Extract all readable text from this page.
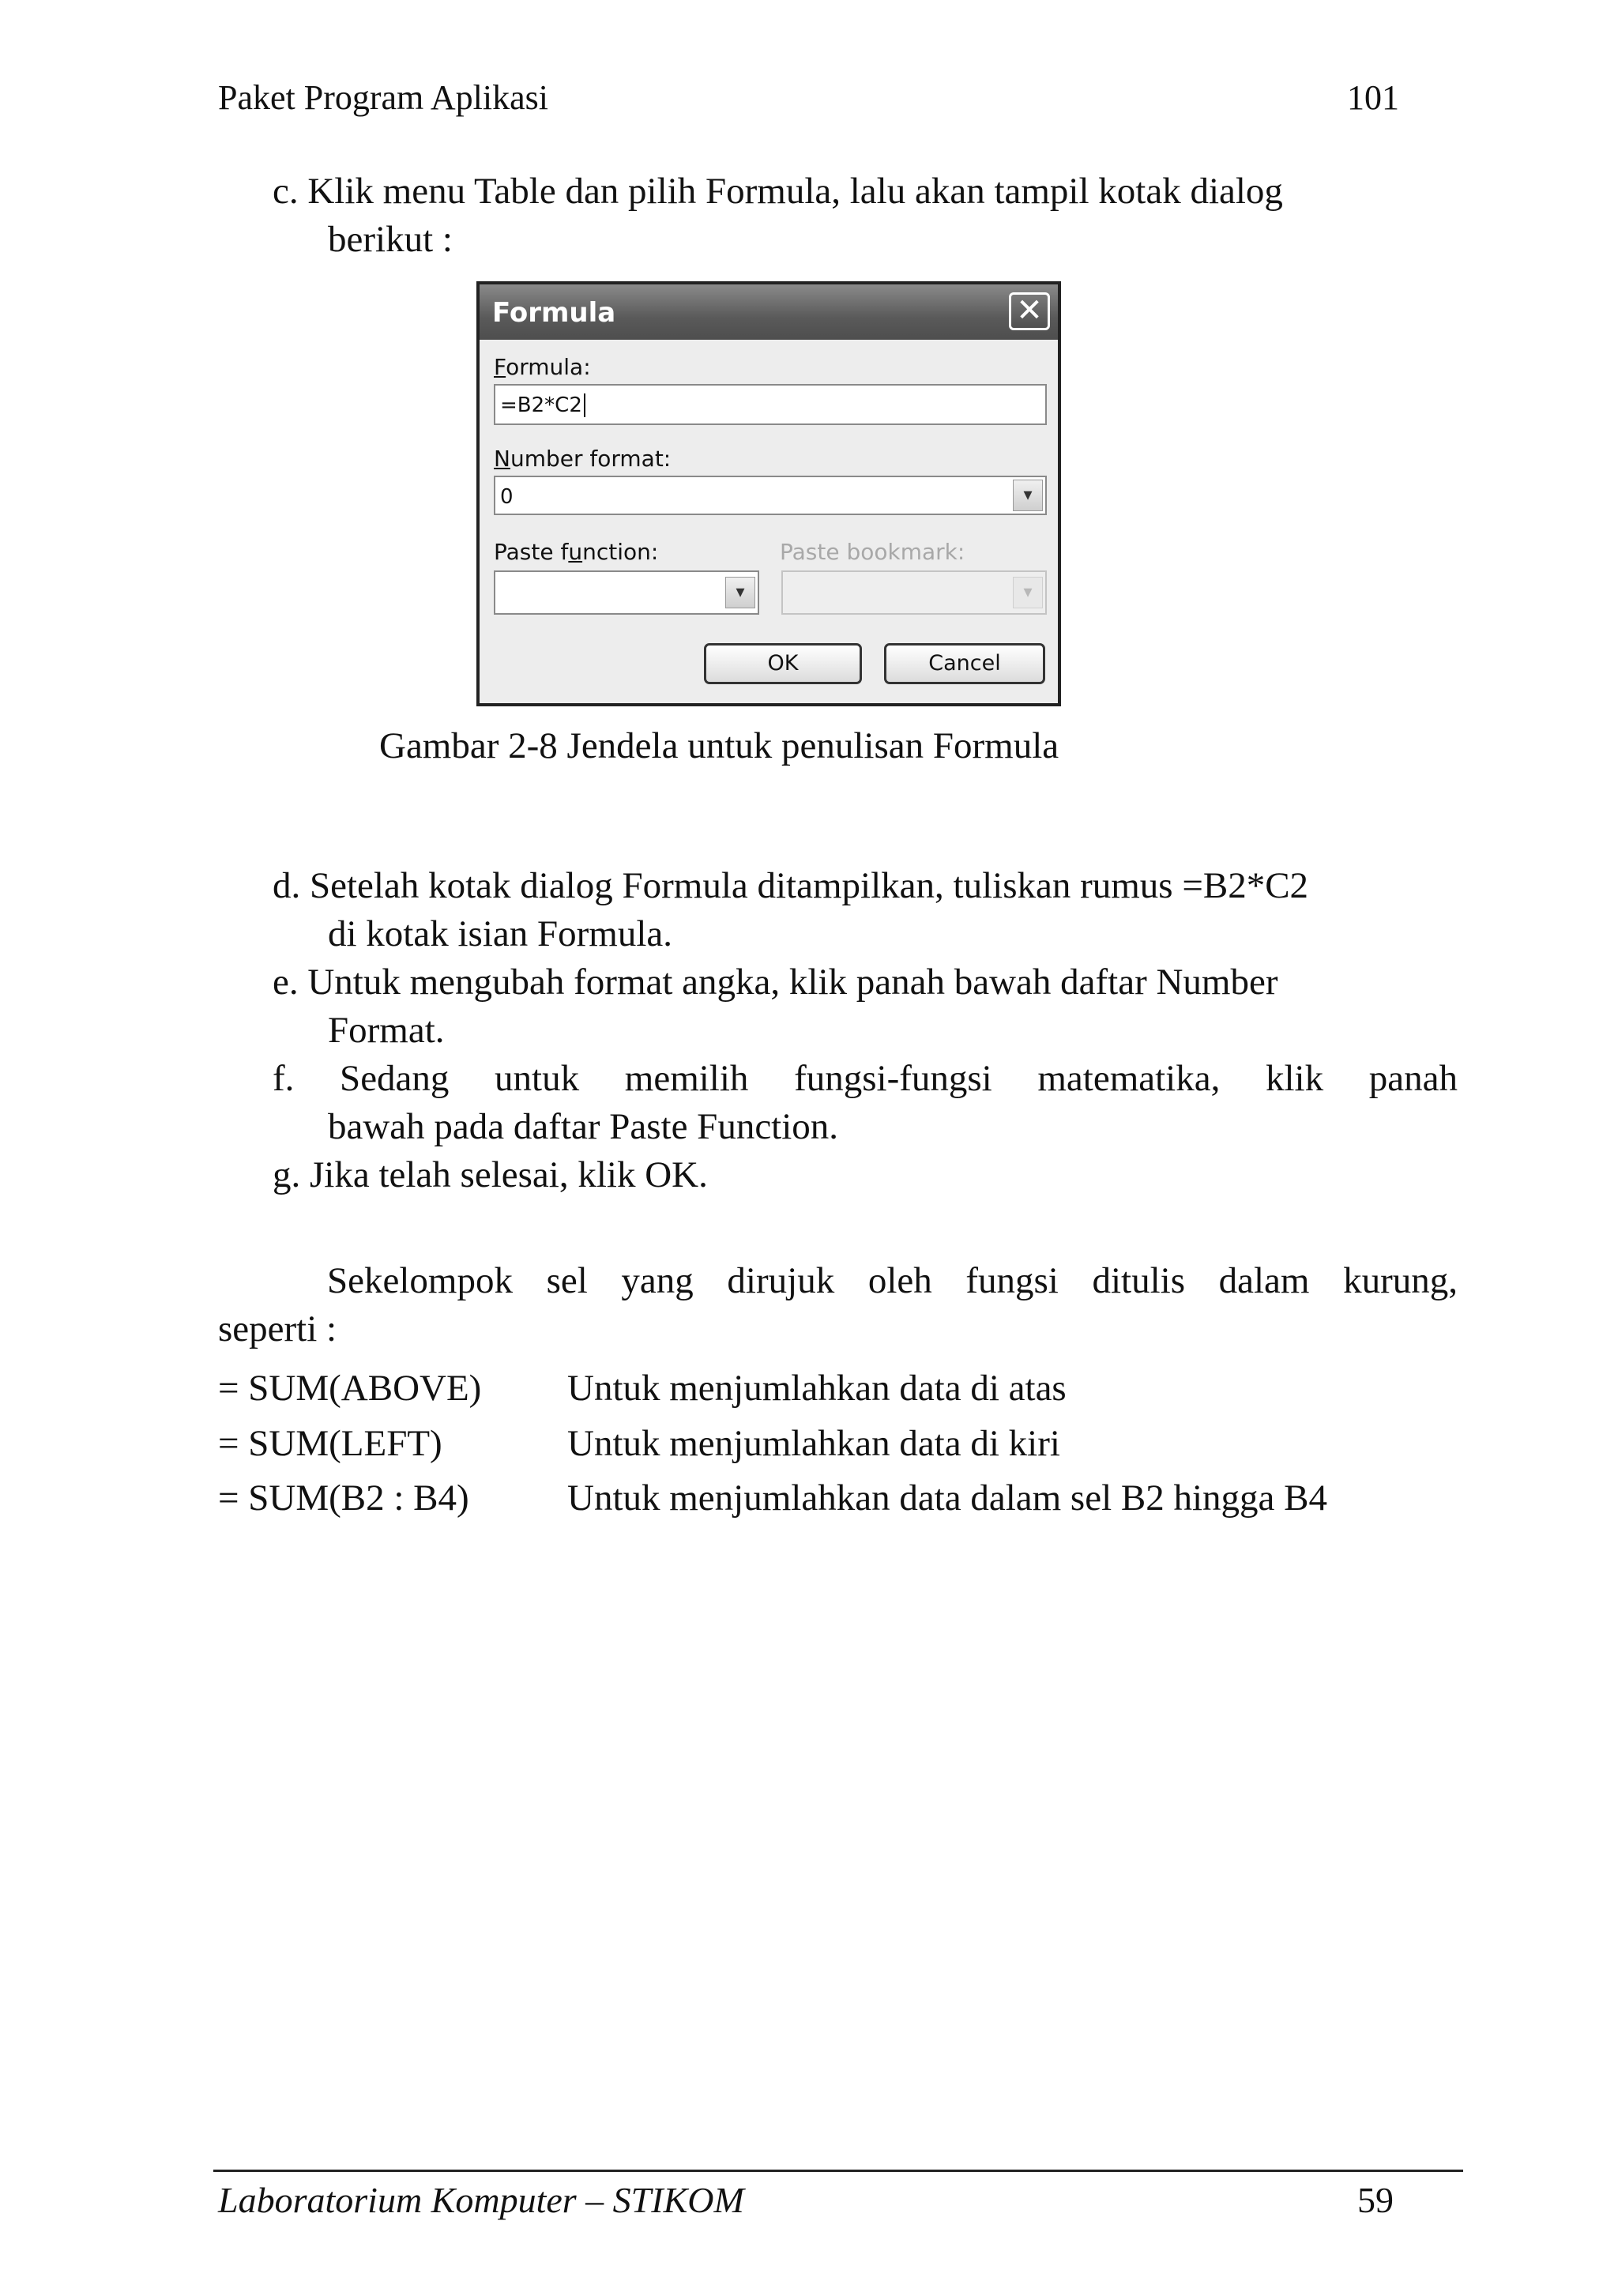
Paket Program Aplikasi	101
c. Klik menu Table dan pilih Formula, lalu akan tampil kotak dialog
berikut :
Formula	✕
Formula:
=B2*C2
Number format:
0	▾
Paste function:	Paste bookmark:
▾	▾
OK	Cancel
Gambar 2-8 Jendela untuk penulisan Formula
d. Setelah kotak dialog Formula ditampilkan, tuliskan rumus =B2*C2
di kotak isian Formula.
e. Untuk mengubah format angka, klik panah bawah daftar Number
Format.
f. Sedang untuk memilih fungsi-fungsi matematika, klik panah
bawah pada daftar Paste Function.
g. Jika telah selesai, klik OK.
Sekelompok sel yang dirujuk oleh fungsi ditulis dalam kurung,
seperti :
= SUM(ABOVE)	Untuk menjumlahkan data di atas
= SUM(LEFT)	Untuk menjumlahkan data di kiri
= SUM(B2 : B4)	Untuk menjumlahkan data dalam sel B2 hingga B4
Laboratorium Komputer – STIKOM	59
